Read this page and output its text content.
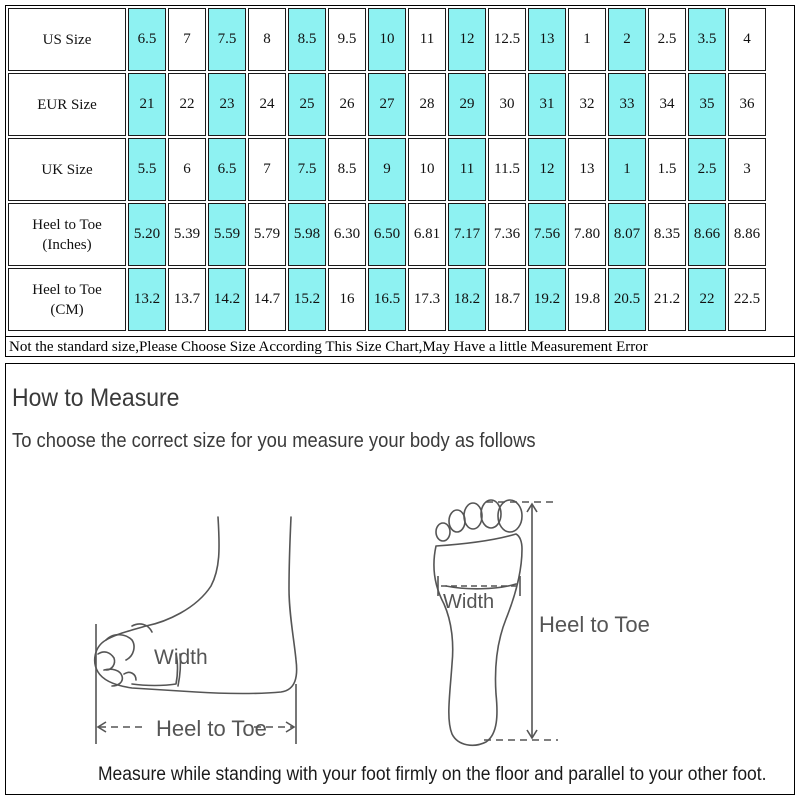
US Size	6.5	7	7.5	8	8.5	9.5	10	11	12	12.5	13	1	2	2.5	3.5	4
EUR Size	21	22	23	24	25	26	27	28	29	30	31	32	33	34	35	36
UK Size	5.5	6	6.5	7	7.5	8.5	9	10	11	11.5	12	13	1	1.5	2.5	3

Heel to Toe
(Inches)	5.20	5.39	5.59	5.79	5.98	6.30	6.50	6.81	7.17	7.36	7.56	7.80	8.07	8.35	8.66	8.86

Heel to Toe
(CM)	13.2	13.7	14.2	14.7	15.2	16	16.5	17.3	18.2	18.7	19.2	19.8	20.5	21.2	22	22.5
Not the standard size,Please Choose Size According This Size Chart,May Have a little Measurement Error
How to Measure
To choose the correct size for you measure your body as follows
Width
Heel to Toe
Width
Heel to Toe
Measure while standing with your foot firmly on the floor and parallel to your other foot.
